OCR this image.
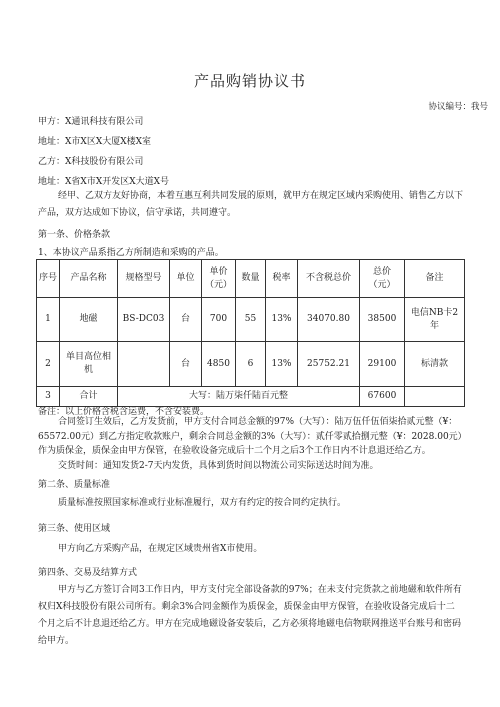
产品购销协议书
协议编号：我号
甲方：X通讯科技有限公司
地址：X市X区X大厦X楼X室
乙方：X科技股份有限公司
地址：X省X市X开发区X大道X号
经甲、乙双方友好协商，本着互惠互利共同发展的原则，就甲方在规定区域内采购使用、销售乙方以下产品，双方达成如下协议，信守承诺，共同遵守。
第一条、价格条款
1、本协议产品系指乙方所制造和采购的产品。
序号	产品名称	规格型号	单位	单价（元）	数量	税率	不含税总价	总价（元）	备注
1	地磁	BS-DC03	台	700	55	13%	34070.80	38500	电信NB卡2年
2	单目高位相机		台	4850	6	13%	25752.21	29100	标清款
3	合计	大写：陆万柒仟陆百元整						67600	
备注：以上价格含税含运费，不含安装费。
合同签订生效后，乙方发货前，甲方支付合同总金额的97%（大写）：陆万伍仟伍佰柒拾贰元整（¥：65572.00元）到乙方指定收款账户，剩余合同总金额的3%（大写）：贰仟零贰拾捌元整（¥：2028.00元）作为质保金，质保金由甲方保管，在验收设备完成后十二个月之后3个工作日内不计息退还给乙方。
交货时间：通知发货2-7天内发货，具体到货时间以物流公司实际送达时间为准。
第二条、质量标准
质量标准按照国家标准或行业标准履行，双方有约定的按合同约定执行。
第三条、使用区域
甲方向乙方采购产品，在规定区域贵州省X市使用。
第四条、交易及结算方式
甲方与乙方签订合同3工作日内，甲方支付完全部设备款的97%；在未支付完货款之前地磁和软件所有权归X科技股份有限公司所有。剩余3%合同金额作为质保金，质保金由甲方保管，在验收设备完成后十二个月之后不计息退还给乙方。甲方在完成地磁设备安装后，乙方必须将地磁电信物联网推送平台账号和密码给甲方。
